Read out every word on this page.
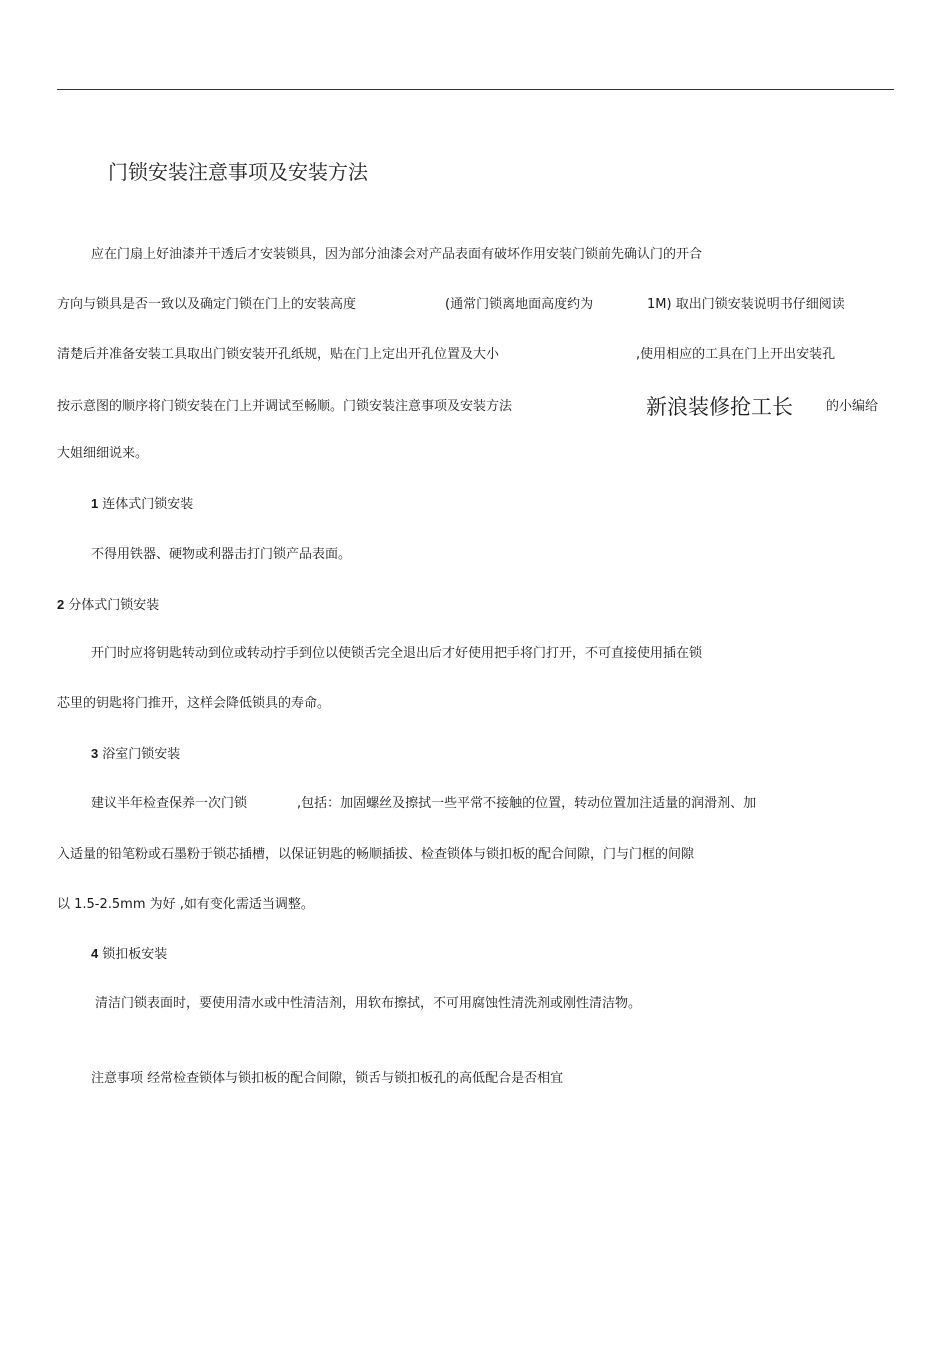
门锁安装注意事项及安装方法
应在门扇上好油漆并干透后才安装锁具，因为部分油漆会对产品表面有破坏作用安装门锁前先确认门的开合
方向与锁具是否一致以及确定门锁在门上的安装高度	(通常门锁离地面高度约为	1M) 取出门锁安装说明书仔细阅读
清楚后并准备安装工具取出门锁安装开孔纸规，贴在门上定出开孔位置及大小	,使用相应的工具在门上开出安装孔
按示意图的顺序将门锁安装在门上并调试至畅顺。门锁安装注意事项及安装方法	新浪装修抢工长	的小编给
大姐细细说来。
1 连体式门锁安装
不得用铁器、硬物或利器击打门锁产品表面。
2 分体式门锁安装
开门时应将钥匙转动到位或转动拧手到位以使锁舌完全退出后才好使用把手将门打开，不可直接使用插在锁
芯里的钥匙将门推开，这样会降低锁具的寿命。
3 浴室门锁安装
建议半年检查保养一次门锁	,包括：加固螺丝及擦拭一些平常不接触的位置，转动位置加注适量的润滑剂、加
入适量的铅笔粉或石墨粉于锁芯插槽，以保证钥匙的畅顺插拔、检查锁体与锁扣板的配合间隙，门与门框的间隙
以 1.5-2.5mm 为好 ,如有变化需适当调整。
4 锁扣板安装
清洁门锁表面时，要使用清水或中性清洁剂，用软布擦拭，不可用腐蚀性清洗剂或刚性清洁物。
注意事项 经常检查锁体与锁扣板的配合间隙，锁舌与锁扣板孔的高低配合是否相宜
